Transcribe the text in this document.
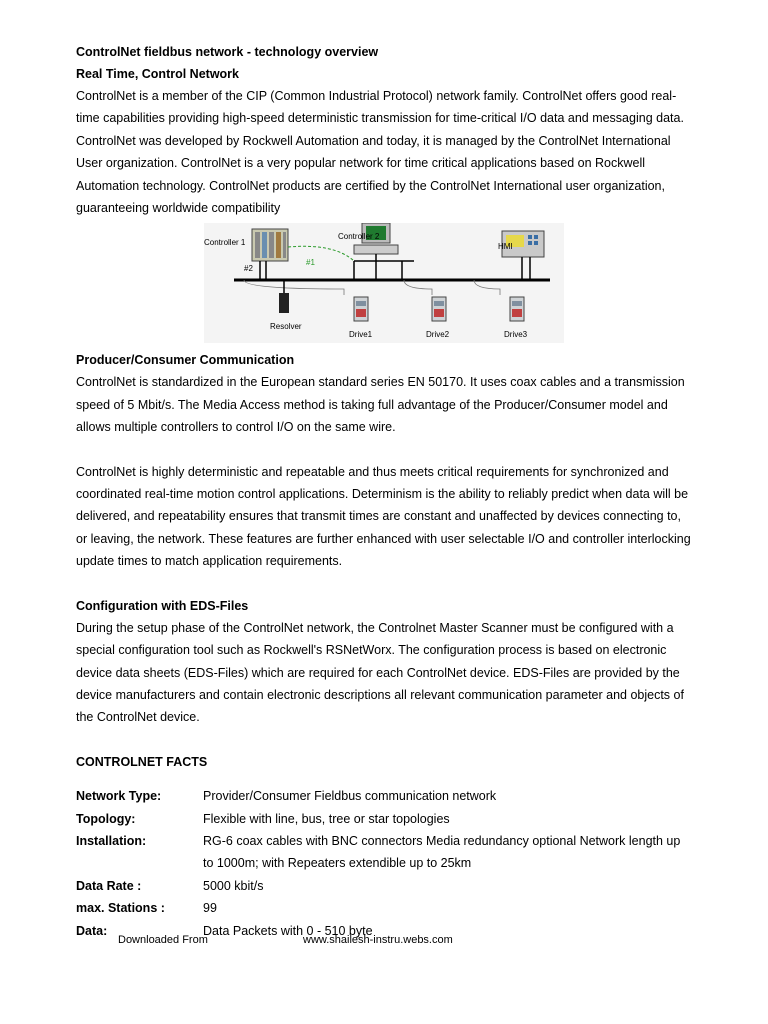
ControlNet fieldbus network - technology overview

Real Time, Control Network

ControlNet is a member of the CIP (Common Industrial Protocol) network family. ControlNet offers good real-time capabilities providing high-speed deterministic transmission for time-critical I/O data and messaging data. ControlNet was developed by Rockwell Automation and today, it is managed by the ControlNet International User organization. ControlNet is a very popular network for time critical applications based on Rockwell Automation technology. ControlNet products are certified by the ControlNet International user organization, guaranteeing worldwide compatibility

Controller 1
Controller 2
HMI
#1
#2
Resolver
Drive1	Drive2	Drive3

Producer/Consumer Communication

ControlNet is standardized in the European standard series EN 50170. It uses coax cables and a transmission speed of 5 Mbit/s. The Media Access method is taking full advantage of the Producer/Consumer model and allows multiple controllers to control I/O on the same wire.

ControlNet is highly deterministic and repeatable and thus meets critical requirements for synchronized and coordinated real-time motion control applications. Determinism is the ability to reliably predict when data will be delivered, and repeatability ensures that transmit times are constant and unaffected by devices connecting to, or leaving, the network. These features are further enhanced with user selectable I/O and controller interlocking update times to match application requirements.

Configuration with EDS-Files

During the setup phase of the ControlNet network, the Controlnet Master Scanner must be configured with a special configuration tool such as Rockwell's RSNetWorx. The configuration process is based on electronic device data sheets (EDS-Files) which are required for each ControlNet device. EDS-Files are provided by the device manufacturers and contain electronic descriptions all relevant communication parameter and objects of the ControlNet device.

CONTROLNET FACTS

Network Type:	Provider/Consumer Fieldbus communication network
Topology:	Flexible with line, bus, tree or star topologies
Installation:	RG-6 coax cables with BNC connectors Media redundancy optional Network length up to 1000m; with Repeaters extendible up to 25km
Data Rate :	5000 kbit/s
max. Stations :	99
Data:	Data Packets with 0 - 510 byte
Downloaded From	www.shailesh-instru.webs.com
